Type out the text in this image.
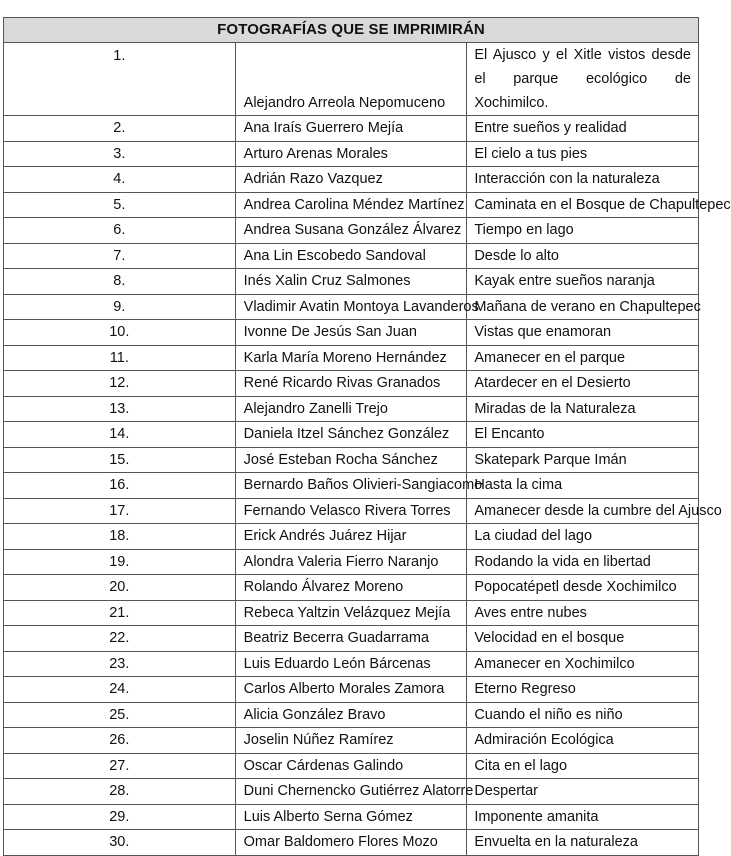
FOTOGRAFÍAS QUE SE IMPRIMIRÁN		
1.	Alejandro Arreola Nepomuceno	El Ajusco y el Xitle vistos desde el parque ecológico de Xochimilco.
2.	Ana Iraís Guerrero Mejía	Entre sueños y realidad
3.	Arturo Arenas Morales	El cielo a tus pies
4.	Adrián Razo Vazquez	Interacción con la naturaleza
5.	Andrea Carolina Méndez Martínez	Caminata en el Bosque de Chapultepec
6.	Andrea Susana González Álvarez	Tiempo en lago
7.	Ana Lin Escobedo Sandoval	Desde lo alto
8.	Inés Xalin Cruz Salmones	Kayak entre sueños naranja
9.	Vladimir Avatin Montoya Lavanderos	Mañana de verano en Chapultepec
10.	Ivonne De Jesús San Juan	Vistas que enamoran
11.	Karla María Moreno Hernández	Amanecer en el parque
12.	René Ricardo Rivas Granados	Atardecer en el Desierto
13.	Alejandro Zanelli Trejo	Miradas de la Naturaleza
14.	Daniela Itzel Sánchez González	El Encanto
15.	José Esteban Rocha Sánchez	Skatepark Parque Imán
16.	Bernardo Baños Olivieri-Sangiacomo	Hasta la cima
17.	Fernando Velasco Rivera Torres	Amanecer desde la cumbre del Ajusco
18.	Erick Andrés Juárez Hijar	La ciudad del lago
19.	Alondra Valeria Fierro Naranjo	Rodando la vida en libertad
20.	Rolando Álvarez Moreno	Popocatépetl desde Xochimilco
21.	Rebeca Yaltzin Velázquez Mejía	Aves entre nubes
22.	Beatriz Becerra Guadarrama	Velocidad en el bosque
23.	Luis Eduardo León Bárcenas	Amanecer en Xochimilco
24.	Carlos Alberto Morales Zamora	Eterno Regreso
25.	Alicia González Bravo	Cuando el niño es niño
26.	Joselin Núñez Ramírez	Admiración Ecológica
27.	Oscar Cárdenas Galindo	Cita en el lago
28.	Duni Chernencko Gutiérrez Alatorre	Despertar
29.	Luis Alberto Serna Gómez	Imponente amanita
30.	Omar Baldomero Flores Mozo	Envuelta en la naturaleza
